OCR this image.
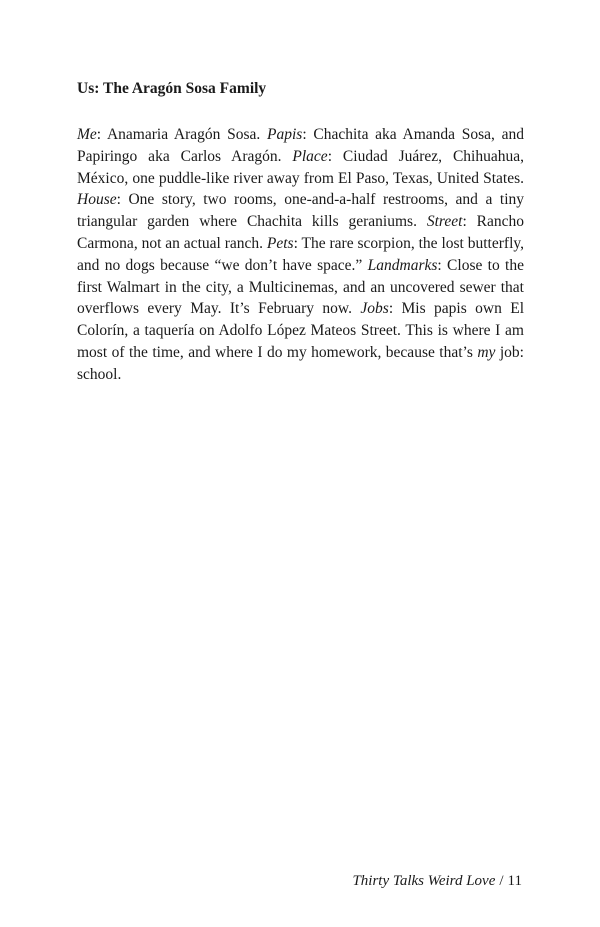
Us: The Aragón Sosa Family

Me: Anamaria Aragón Sosa. Papis: Chachita aka Amanda Sosa, and Papiringo aka Carlos Aragón. Place: Ciudad Juárez, Chihuahua, México, one puddle-like river away from El Paso, Texas, United States. House: One story, two rooms, one-and-a-half restrooms, and a tiny triangular garden where Chachita kills geraniums. Street: Rancho Carmona, not an actual ranch. Pets: The rare scorpion, the lost butterfly, and no dogs because “we don’t have space.” Landmarks: Close to the first Walmart in the city, a Multicinemas, and an uncovered sewer that overflows every May. It’s February now. Jobs: Mis papis own El Colorín, a taquería on Adolfo López Mateos Street. This is where I am most of the time, and where I do my homework, because that’s my job: school.

Thirty Talks Weird Love / 11
